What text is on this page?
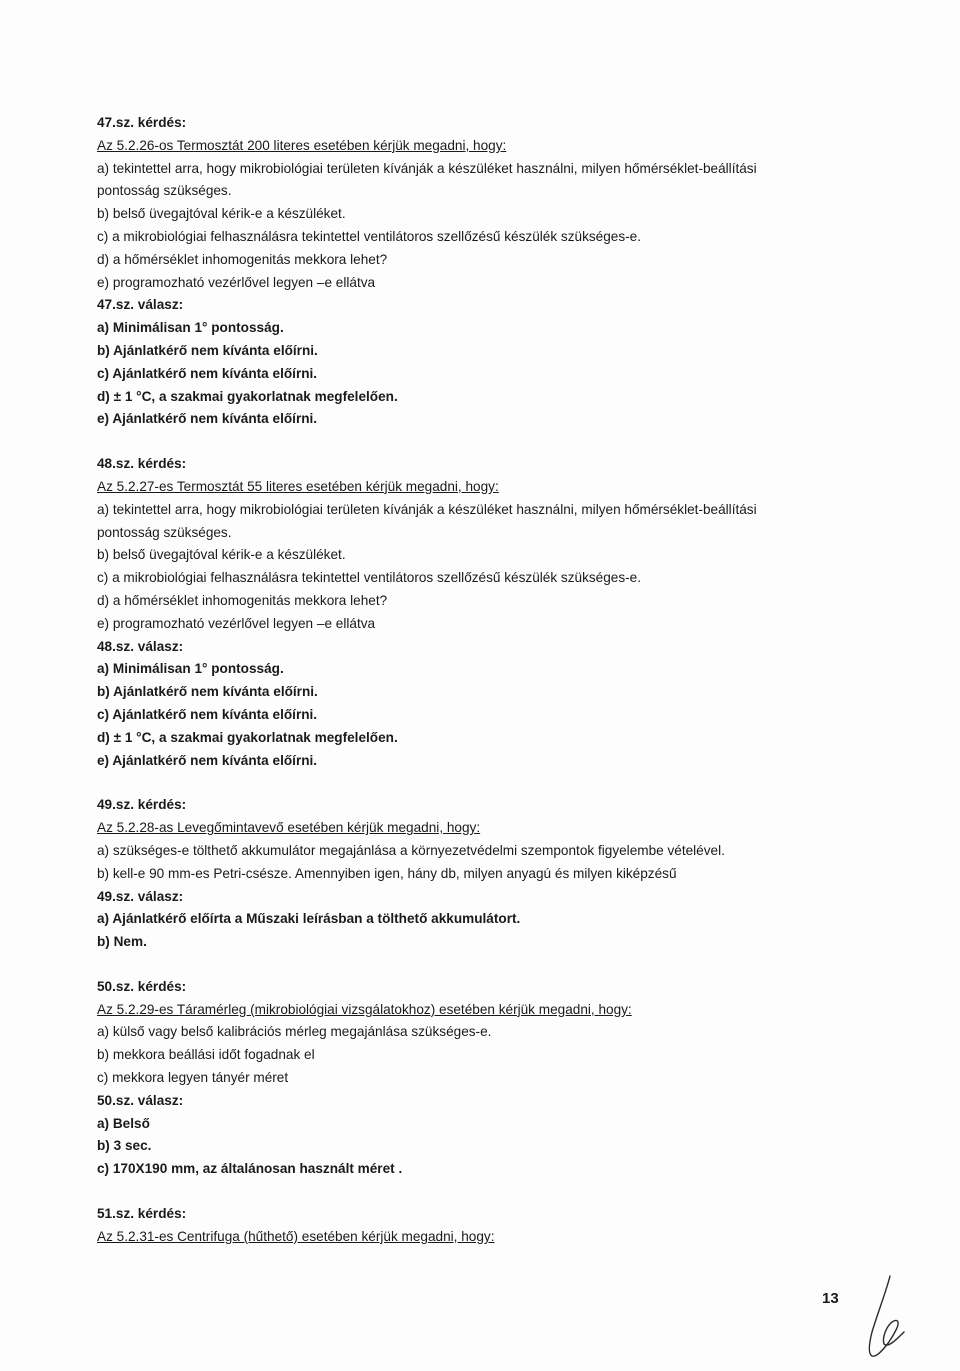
47.sz. kérdés:
Az 5.2.26-os Termosztát 200 literes esetében kérjük megadni, hogy:
a) tekintettel arra, hogy mikrobiológiai területen kívánják a készüléket használni, milyen hőmérséklet-beállítási
pontosság szükséges.
b) belső üvegajtóval kérik-e a készüléket.
c) a mikrobiológiai felhasználásra tekintettel ventilátoros szellőzésű készülék szükséges-e.
d) a hőmérséklet inhomogenitás mekkora lehet?
e) programozható vezérlővel legyen –e ellátva
47.sz. válasz:
a) Minimálisan 1° pontosság.
b) Ajánlatkérő nem kívánta előírni.
c) Ajánlatkérő nem kívánta előírni.
d) ± 1 °C, a szakmai gyakorlatnak megfelelően.
e) Ajánlatkérő nem kívánta előírni.
48.sz. kérdés:
Az 5.2.27-es Termosztát 55 literes esetében kérjük megadni, hogy:
a) tekintettel arra, hogy mikrobiológiai területen kívánják a készüléket használni, milyen hőmérséklet-beállítási
pontosság szükséges.
b) belső üvegajtóval kérik-e a készüléket.
c) a mikrobiológiai felhasználásra tekintettel ventilátoros szellőzésű készülék szükséges-e.
d) a hőmérséklet inhomogenitás mekkora lehet?
e) programozható vezérlővel legyen –e ellátva
48.sz. válasz:
a) Minimálisan 1° pontosság.
b) Ajánlatkérő nem kívánta előírni.
c) Ajánlatkérő nem kívánta előírni.
d) ± 1 °C, a szakmai gyakorlatnak megfelelően.
e) Ajánlatkérő nem kívánta előírni.
49.sz. kérdés:
Az 5.2.28-as Levegőmintavevő esetében kérjük megadni, hogy:
a) szükséges-e tölthető akkumulátor megajánlása a környezetvédelmi szempontok figyelembe vételével.
b) kell-e 90 mm-es Petri-csésze. Amennyiben igen, hány db, milyen anyagú és milyen kiképzésű
49.sz. válasz:
a) Ajánlatkérő előírta a Műszaki leírásban a tölthető akkumulátort.
b) Nem.
50.sz. kérdés:
Az 5.2.29-es Táramérleg (mikrobiológiai vizsgálatokhoz) esetében kérjük megadni, hogy:
a) külső vagy belső kalibrációs mérleg megajánlása szükséges-e.
b) mekkora beállási időt fogadnak el
c) mekkora legyen tányér méret
50.sz. válasz:
a) Belső
b) 3 sec.
c) 170X190 mm, az általánosan használt méret .
51.sz. kérdés:
Az 5.2.31-es Centrifuga (hűthető) esetében kérjük megadni, hogy:
13
